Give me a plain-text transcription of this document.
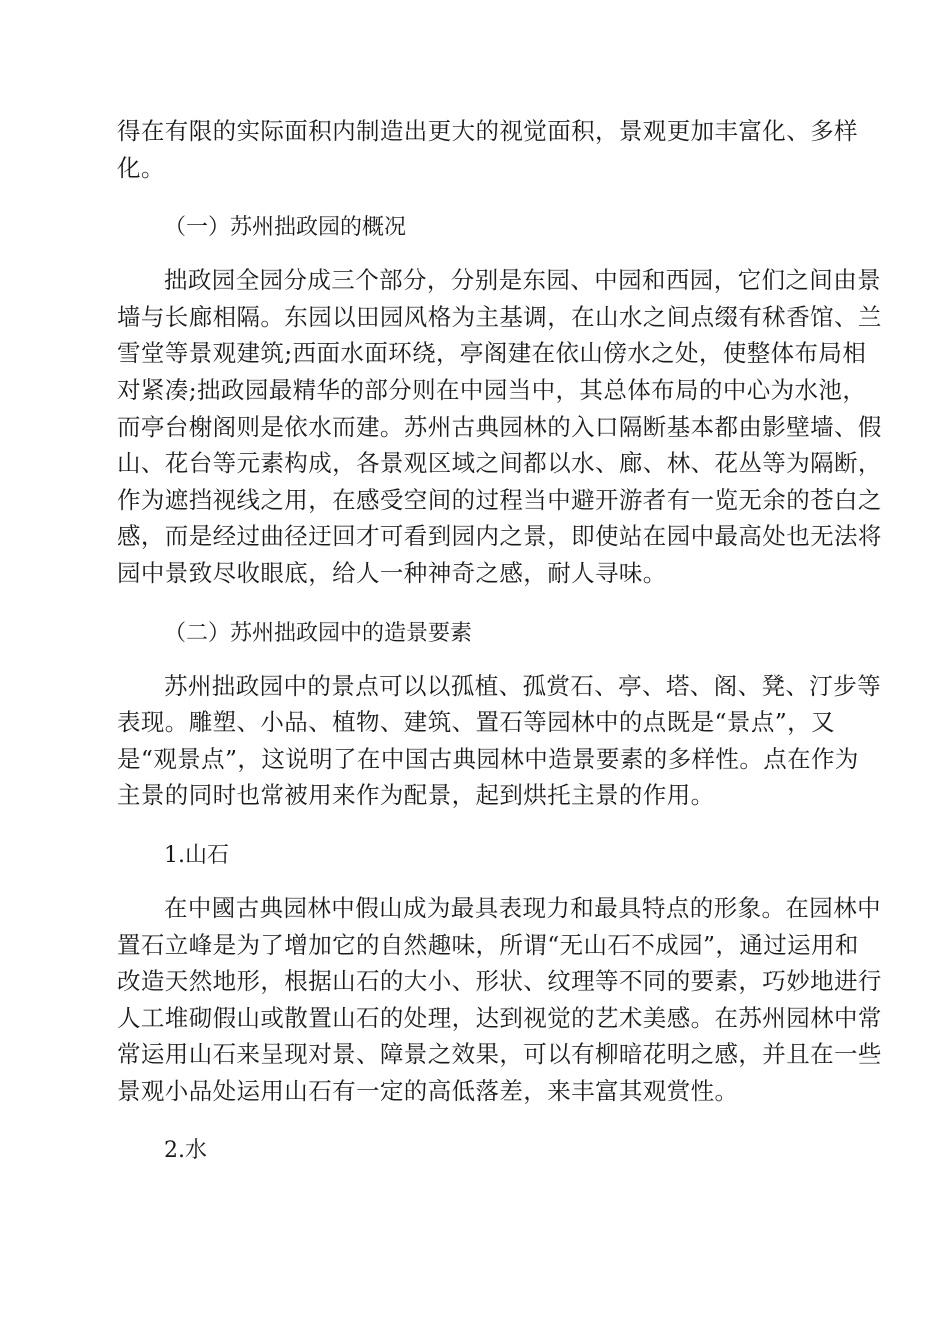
得在有限的实际面积内制造出更大的视觉面积，景观更加丰富化、多样
化。
（一）苏州拙政园的概况
拙政园全园分成三个部分，分别是东园、中园和西园，它们之间由景
墙与长廊相隔。东园以田园风格为主基调，在山水之间点缀有秫香馆、兰
雪堂等景观建筑;西面水面环绕，亭阁建在依山傍水之处，使整体布局相
对紧凑;拙政园最精华的部分则在中园当中，其总体布局的中心为水池，
而亭台榭阁则是依水而建。苏州古典园林的入口隔断基本都由影壁墙、假
山、花台等元素构成，各景观区域之间都以水、廊、林、花丛等为隔断，
作为遮挡视线之用，在感受空间的过程当中避开游者有一览无余的苍白之
感，而是经过曲径迂回才可看到园内之景，即使站在园中最高处也无法将
园中景致尽收眼底，给人一种神奇之感，耐人寻味。
（二）苏州拙政园中的造景要素
苏州拙政园中的景点可以以孤植、孤赏石、亭、塔、阁、凳、汀步等
表现。雕塑、小品、植物、建筑、置石等园林中的点既是“景点”，又
是“观景点”，这说明了在中国古典园林中造景要素的多样性。点在作为
主景的同时也常被用来作为配景，起到烘托主景的作用。
1.山石
在中國古典园林中假山成为最具表现力和最具特点的形象。在园林中
置石立峰是为了增加它的自然趣味，所谓“无山石不成园”，通过运用和
改造天然地形，根据山石的大小、形状、纹理等不同的要素，巧妙地进行
人工堆砌假山或散置山石的处理，达到视觉的艺术美感。在苏州园林中常
常运用山石来呈现对景、障景之效果，可以有柳暗花明之感，并且在一些
景观小品处运用山石有一定的高低落差，来丰富其观赏性。
2.水
